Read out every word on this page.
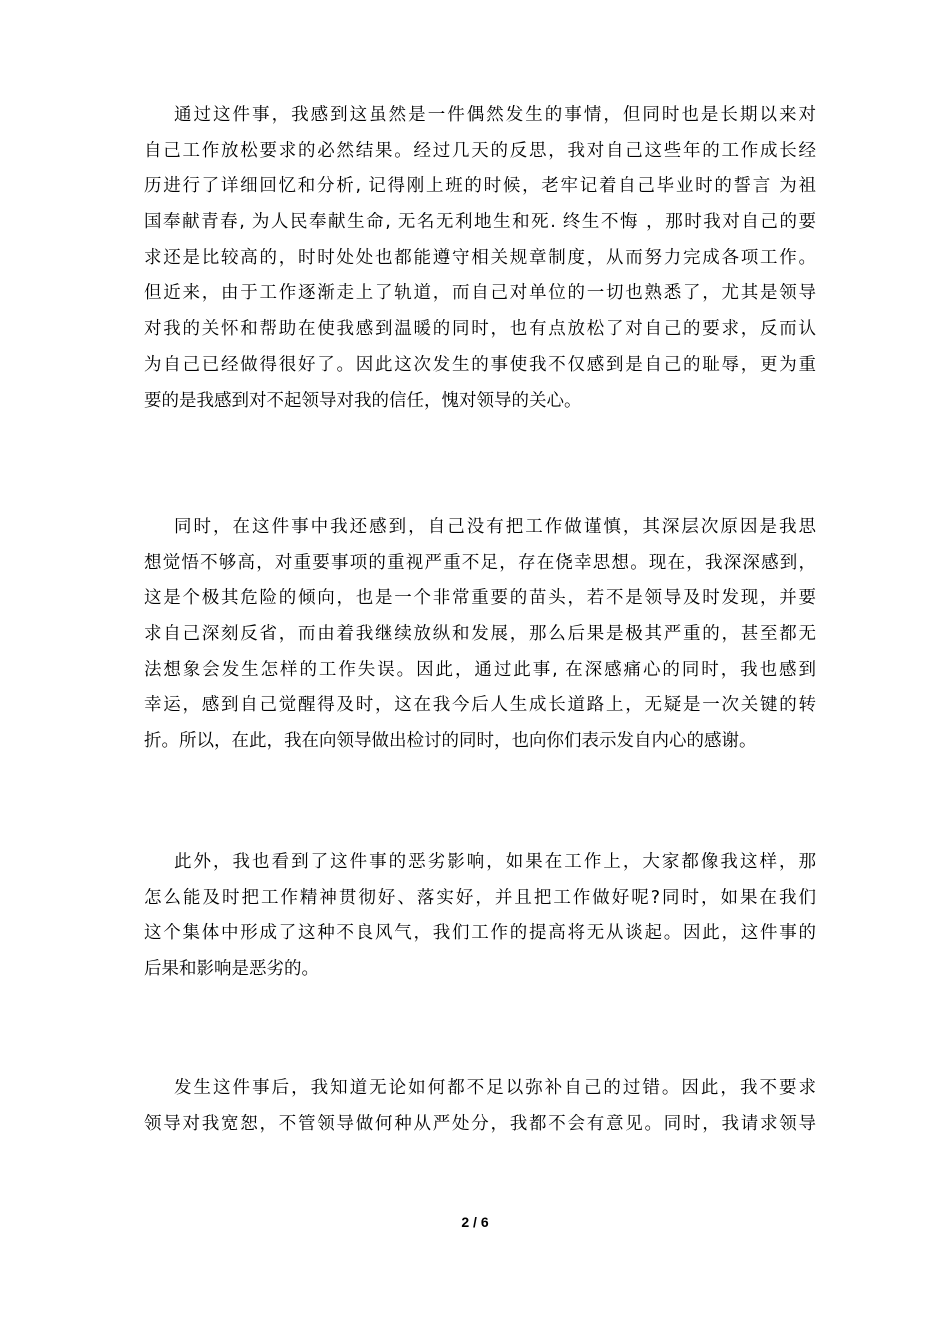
通过这件事，我感到这虽然是一件偶然发生的事情，但同时也是长期以来对
自己工作放松要求的必然结果。经过几天的反思，我对自己这些年的工作成长经
历进行了详细回忆和分析, 记得刚上班的时候，老牢记着自己毕业时的誓言 为祖
国奉献青春, 为人民奉献生命, 无名无利地生和死. 终生不悔 ，那时我对自己的要
求还是比较高的，时时处处也都能遵守相关规章制度，从而努力完成各项工作。
但近来，由于工作逐渐走上了轨道，而自己对单位的一切也熟悉了，尤其是领导
对我的关怀和帮助在使我感到温暖的同时，也有点放松了对自己的要求，反而认
为自己已经做得很好了。因此这次发生的事使我不仅感到是自己的耻辱，更为重
要的是我感到对不起领导对我的信任，愧对领导的关心。
同时，在这件事中我还感到，自己没有把工作做谨慎，其深层次原因是我思
想觉悟不够高，对重要事项的重视严重不足，存在侥幸思想。现在，我深深感到，
这是个极其危险的倾向，也是一个非常重要的苗头，若不是领导及时发现，并要
求自己深刻反省，而由着我继续放纵和发展，那么后果是极其严重的，甚至都无
法想象会发生怎样的工作失误。因此，通过此事, 在深感痛心的同时，我也感到
幸运，感到自己觉醒得及时，这在我今后人生成长道路上，无疑是一次关键的转
折。所以，在此，我在向领导做出检讨的同时，也向你们表示发自内心的感谢。
此外，我也看到了这件事的恶劣影响，如果在工作上，大家都像我这样，那
怎么能及时把工作精神贯彻好、落实好，并且把工作做好呢?同时，如果在我们
这个集体中形成了这种不良风气，我们工作的提高将无从谈起。因此，这件事的
后果和影响是恶劣的。
发生这件事后，我知道无论如何都不足以弥补自己的过错。因此，我不要求
领导对我宽恕，不管领导做何种从严处分，我都不会有意见。同时，我请求领导
2 / 6
